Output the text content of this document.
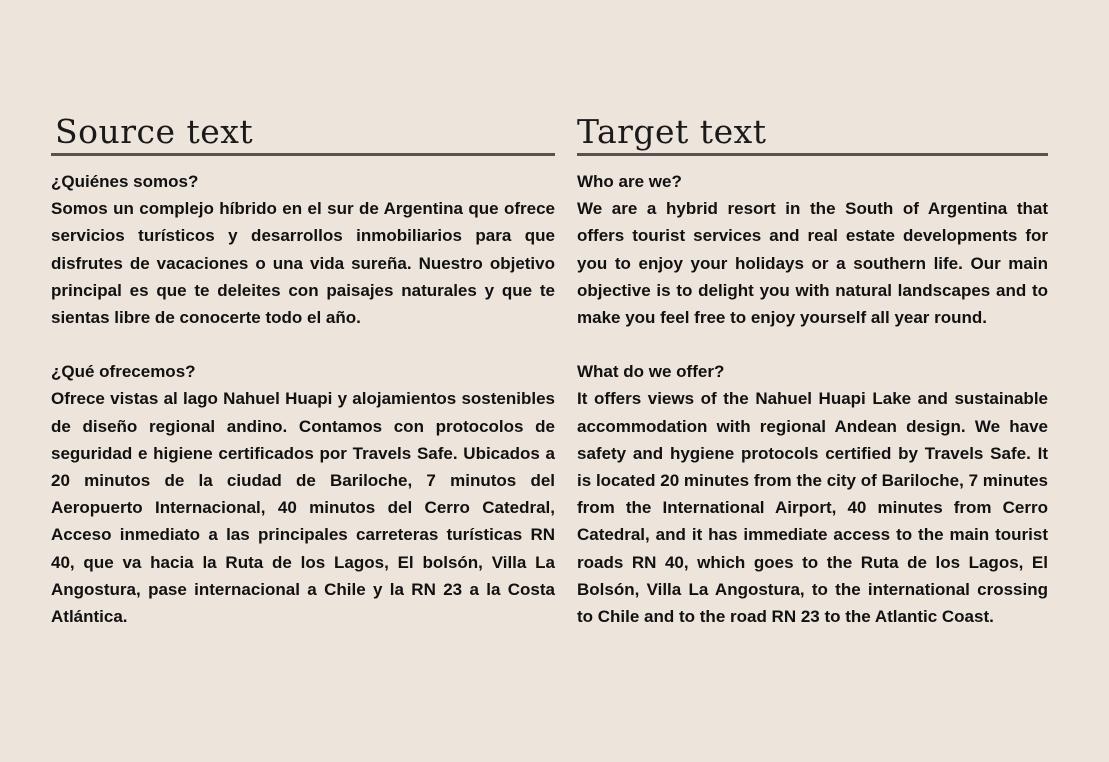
Source text

¿Quiénes somos?

Somos un complejo híbrido en el sur de Argentina que ofrece servicios turísticos y desarrollos inmobiliarios para que disfrutes de vacaciones o una vida sureña. Nuestro objetivo principal es que te deleites con paisajes naturales y que te sientas libre de conocerte todo el año.

¿Qué ofrecemos?

Ofrece vistas al lago Nahuel Huapi y alojamientos sostenibles de diseño regional andino. Contamos con protocolos de seguridad e higiene certificados por Travels Safe. Ubicados a 20 minutos de la ciudad de Bariloche, 7 minutos del Aeropuerto Internacional, 40 minutos del Cerro Catedral, Acceso inmediato a las principales carreteras turísticas RN 40, que va hacia la Ruta de los Lagos, El bolsón, Villa La Angostura, pase internacional a Chile y la RN 23 a la Costa Atlántica.

Target text

Who are we?

We are a hybrid resort in the South of Argentina that offers tourist services and real estate developments for you to enjoy your holidays or a southern life. Our main objective is to delight you with natural landscapes and to make you feel free to enjoy yourself all year round.

What do we offer?

It offers views of the Nahuel Huapi Lake and sustainable accommodation with regional Andean design. We have safety and hygiene protocols certified by Travels Safe. It is located 20 minutes from the city of Bariloche, 7 minutes from the International Airport, 40 minutes from Cerro Catedral, and it has immediate access to the main tourist roads RN 40, which goes to the Ruta de los Lagos, El Bolsón, Villa La Angostura, to the international crossing to Chile and to the road RN 23 to the Atlantic Coast.
